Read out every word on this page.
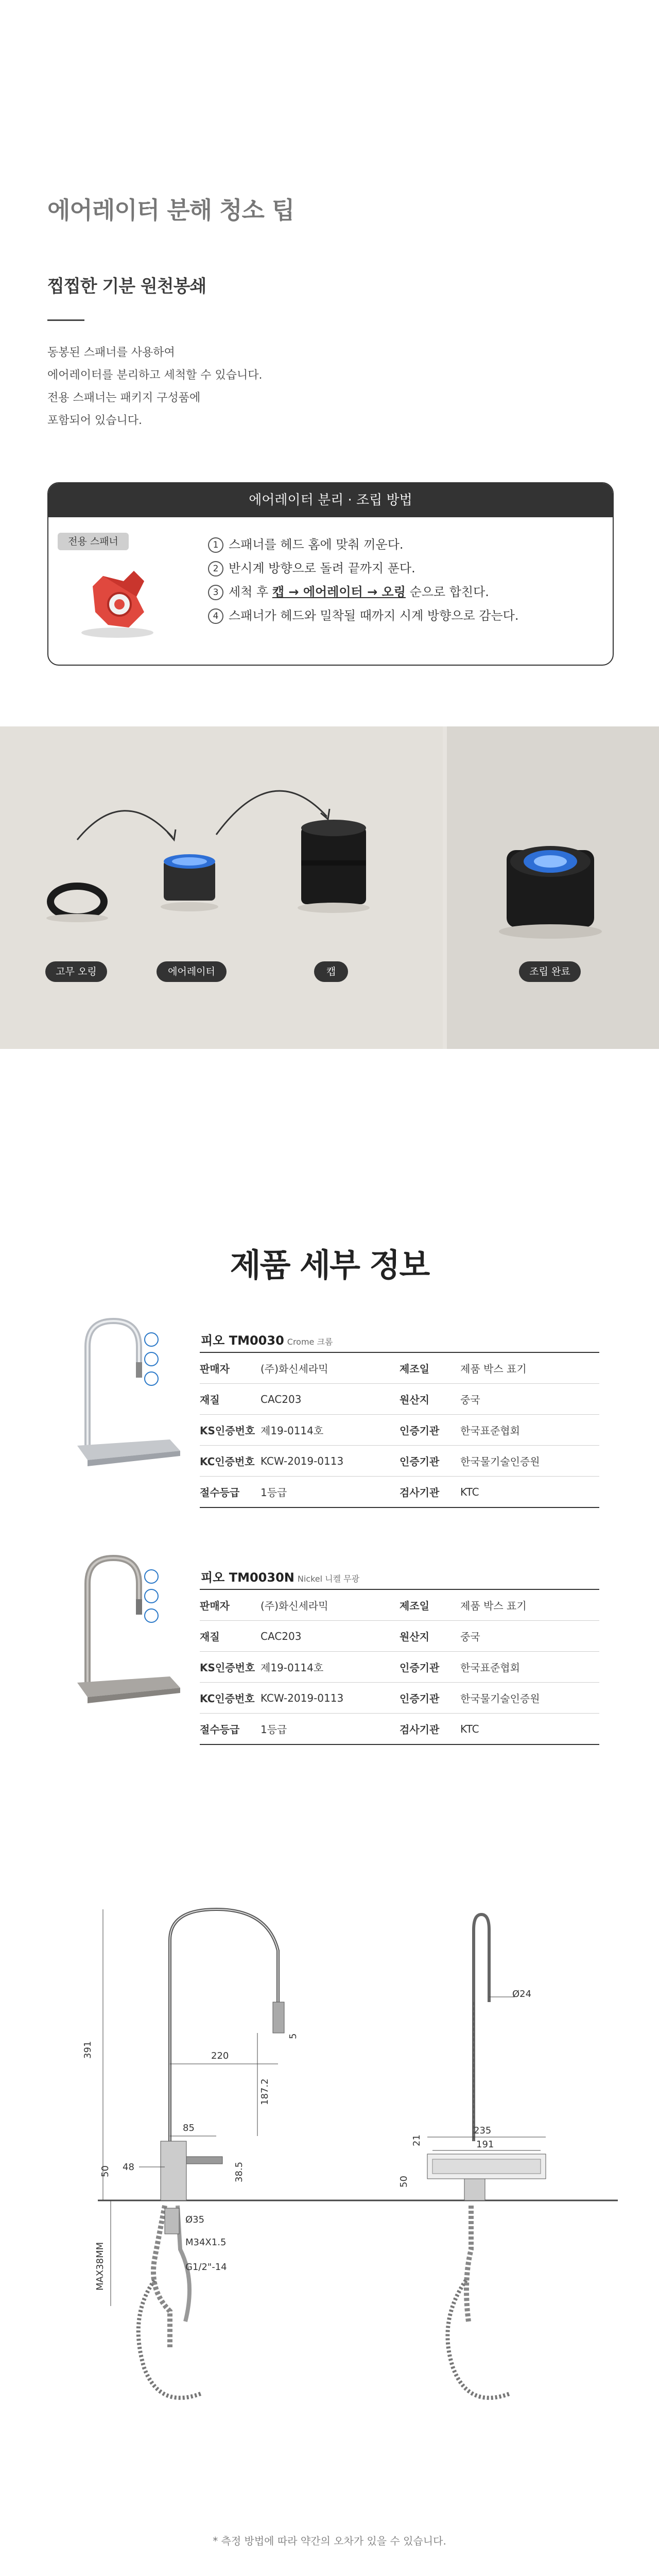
에어레이터 분해 청소 팁
찝찝한 기분 원천봉쇄
동봉된 스패너를 사용하여
에어레이터를 분리하고 세척할 수 있습니다.
전용 스패너는 패키지 구성품에
포함되어 있습니다.
에어레이터 분리 · 조립 방법
전용 스패너	1 스패너를 헤드 홈에 맞춰 끼운다.
2 반시계 방향으로 돌려 끝까지 푼다.
3 세척 후 캡 → 에어레이터 → 오링 순으로 합친다.
4 스패너가 헤드와 밀착될 때까지 시계 방향으로 감는다.
고무 오링	에어레이터	캡	조립 완료
제품 세부 정보
피오 TM0030 Crome 크롬
판매자	(주)화신세라믹	제조일	제품 박스 표기
재질	CAC203	원산지	중국
KS인증번호	제19-0114호	인증기관	한국표준협회
KC인증번호	KCW-2019-0113	인증기관	한국물기술인증원
절수등급	1등급	검사기관	KTC
피오 TM0030N Nickel 니켈 무광
판매자	(주)화신세라믹	제조일	제품 박스 표기
재질	CAC203	원산지	중국
KS인증번호	제19-0114호	인증기관	한국표준협회
KC인증번호	KCW-2019-0113	인증기관	한국물기술인증원
절수등급	1등급	검사기관	KTC
391	220
85
48
50	38.5
187.2
5
Ø24
235
191
21
50
Ø35
M34X1.5
G1/2"-14
MAX38MM
* 측정 방법에 따라 약간의 오차가 있을 수 있습니다.
